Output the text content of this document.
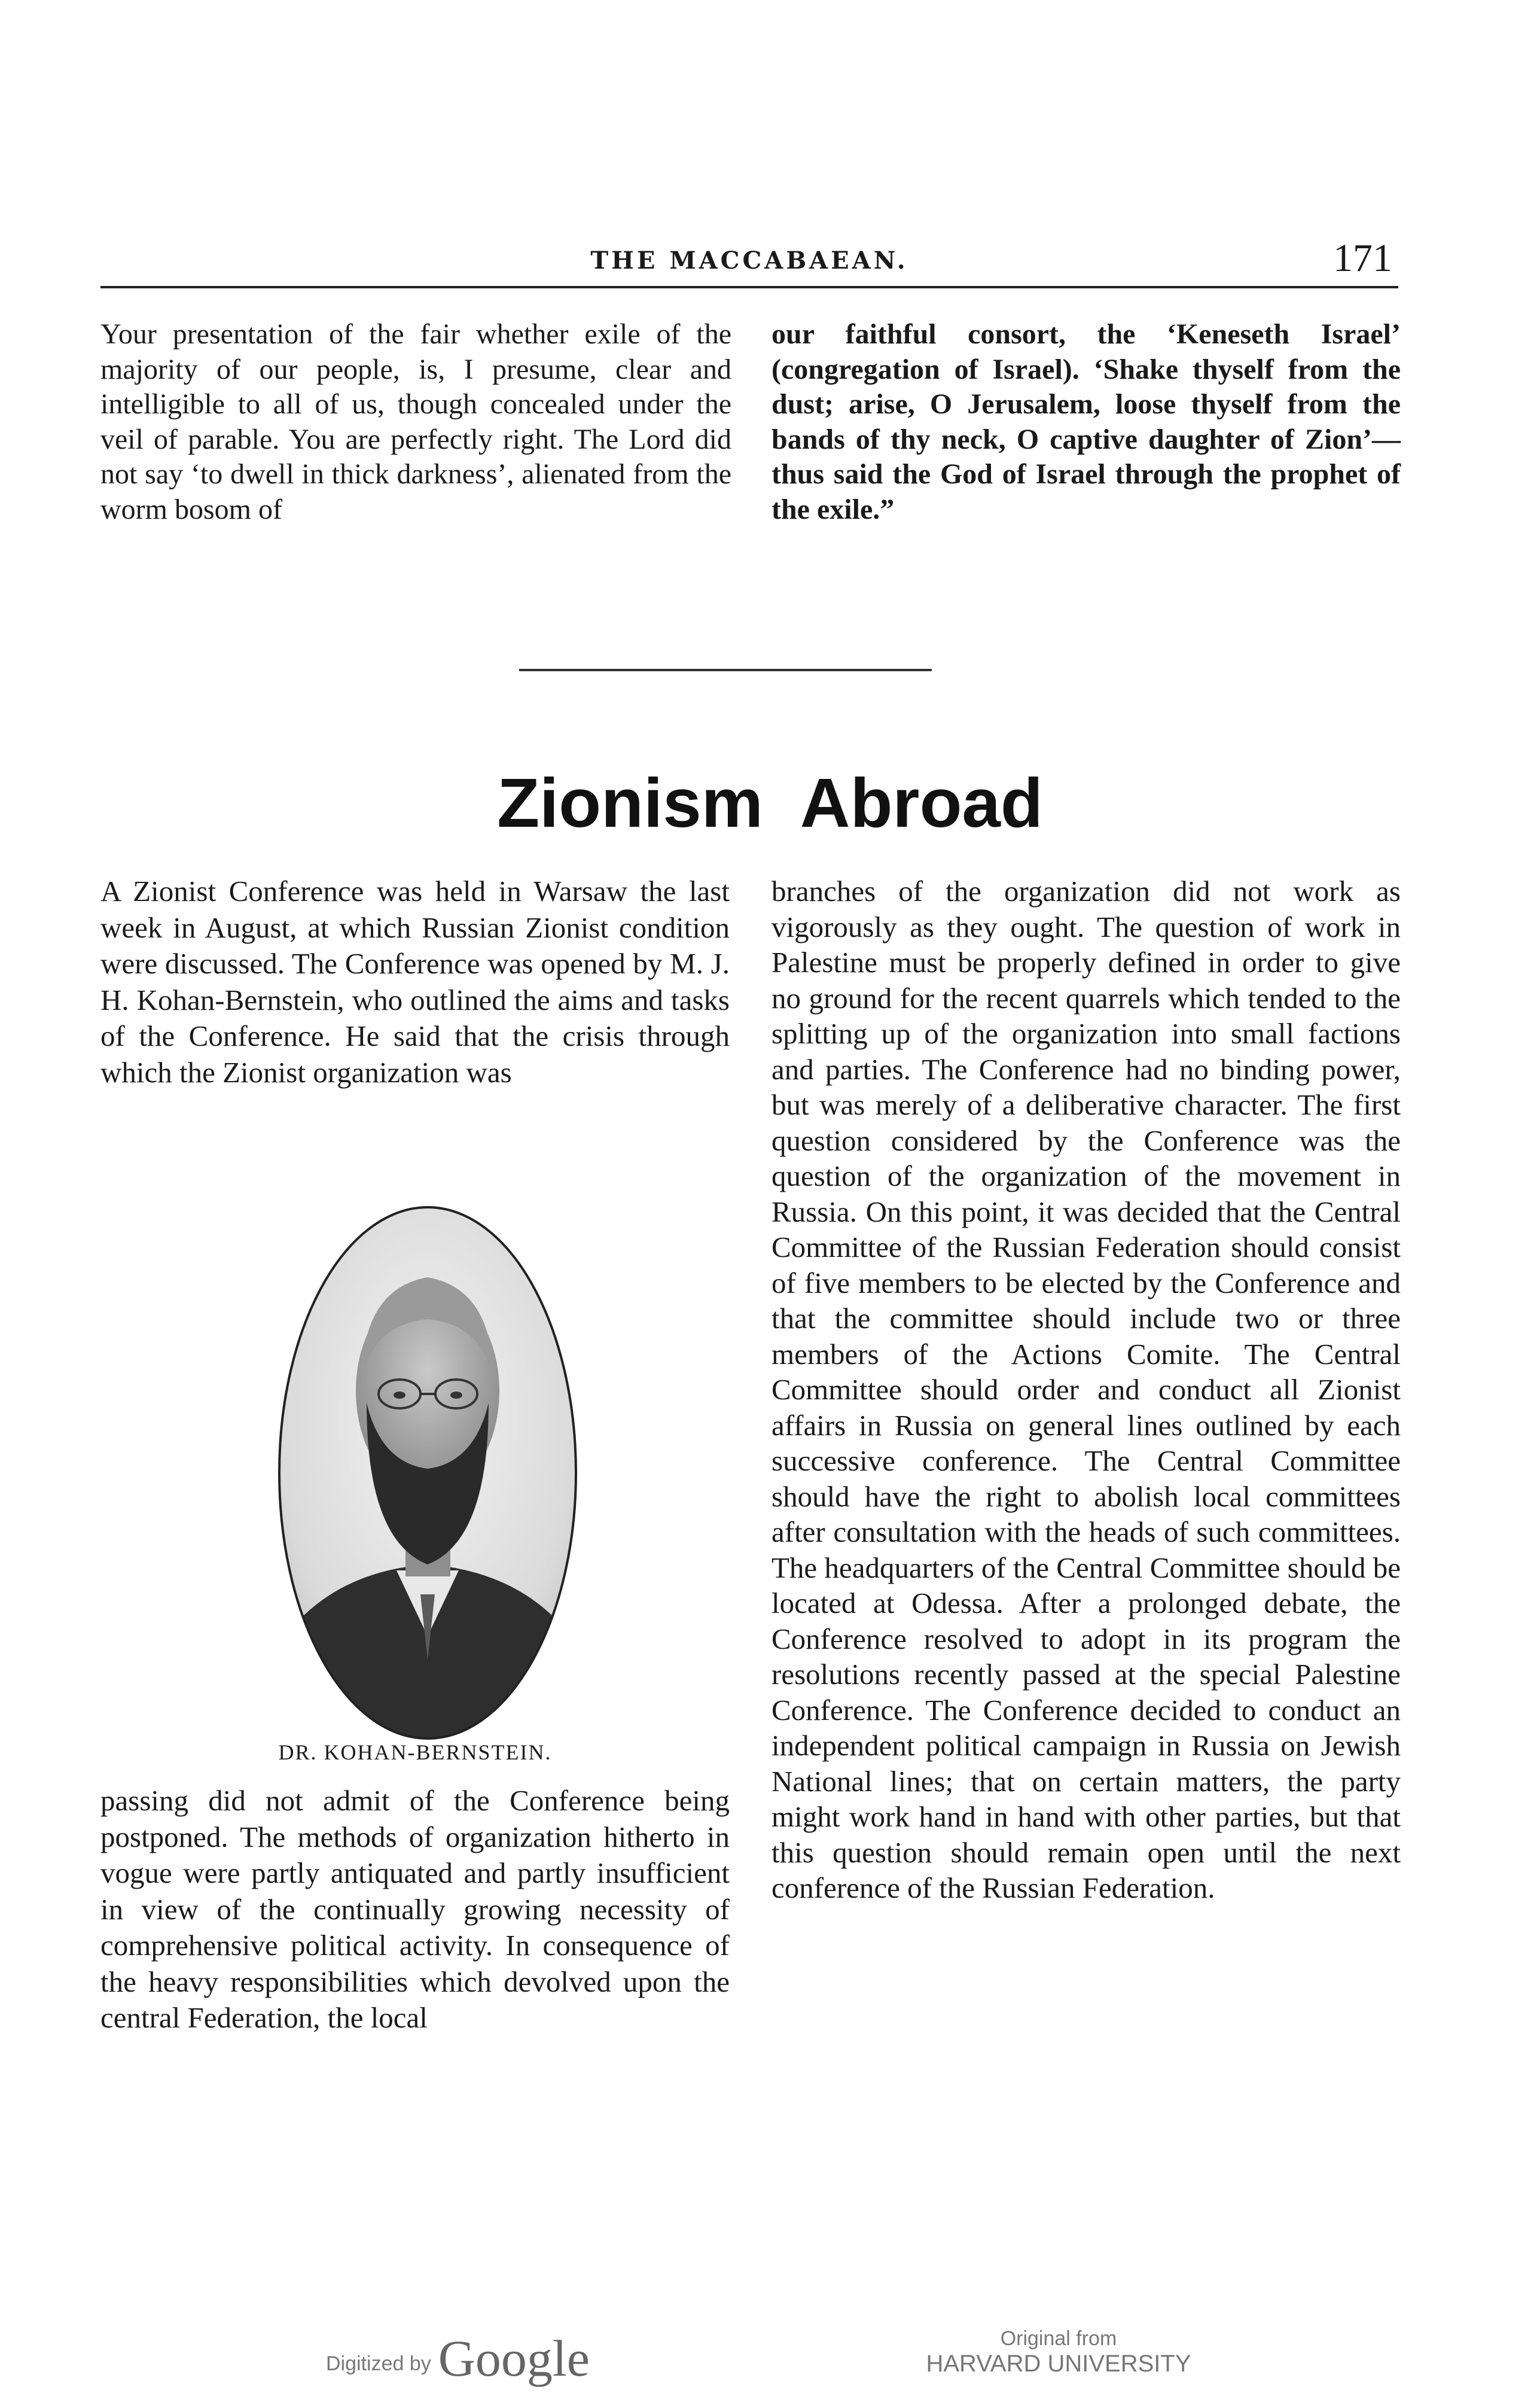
THE MACCABAEAN.	171

Your presentation of the fair whether exile of the majority of our people, is, I presume, clear and intelligible to all of us, though concealed under the veil of parable. You are perfectly right. The Lord did not say ‘to dwell in thick darkness’, alienated from the worm bosom of

our faithful consort, the ‘Keneseth Israel’ (congregation of Israel). ‘Shake thyself from the dust; arise, O Jerusalem, loose thyself from the bands of thy neck, O captive daughter of Zion’—thus said the God of Israel through the prophet of the exile.”

Zionism Abroad

A Zionist Conference was held in Warsaw the last week in August, at which Russian Zionist condition were discussed. The Conference was opened by M. J. H. Kohan-Bernstein, who outlined the aims and tasks of the Conference. He said that the crisis through which the Zionist organization was

DR. KOHAN-BERNSTEIN.

passing did not admit of the Conference being postponed. The methods of organization hitherto in vogue were partly antiquated and partly insufficient in view of the continually growing necessity of comprehensive political activity. In consequence of the heavy responsibilities which devolved upon the central Federation, the local

branches of the organization did not work as vigorously as they ought. The question of work in Palestine must be properly defined in order to give no ground for the recent quarrels which tended to the splitting up of the organization into small factions and parties. The Conference had no binding power, but was merely of a deliberative character. The first question considered by the Conference was the question of the organization of the movement in Russia. On this point, it was decided that the Central Committee of the Russian Federation should consist of five members to be elected by the Conference and that the committee should include two or three members of the Actions Comite. The Central Committee should order and conduct all Zionist affairs in Russia on general lines outlined by each successive conference. The Central Committee should have the right to abolish local committees after consultation with the heads of such committees. The headquarters of the Central Committee should be located at Odessa. After a prolonged debate, the Conference resolved to adopt in its program the resolutions recently passed at the special Palestine Conference. The Conference decided to conduct an independent political campaign in Russia on Jewish National lines; that on certain matters, the party might work hand in hand with other parties, but that this question should remain open until the next conference of the Russian Federation.

Digitized by Google	Original from
HARVARD UNIVERSITY
